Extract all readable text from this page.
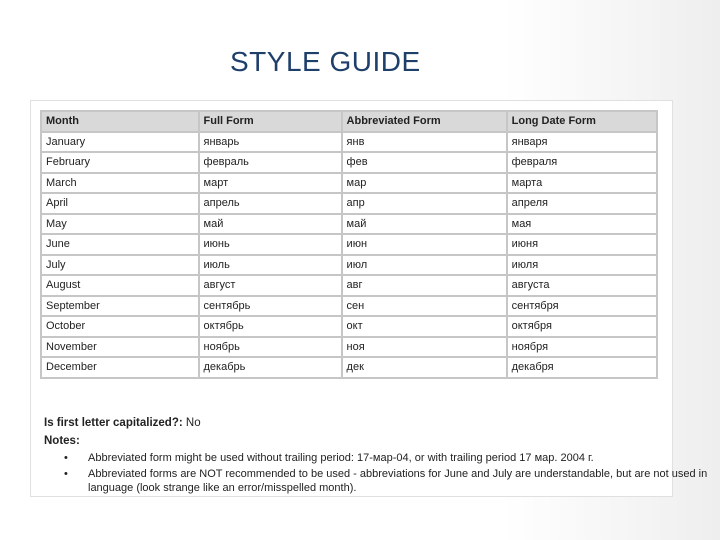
STYLE GUIDE
Month	Full Form	Abbreviated Form	Long Date Form
January	январь	янв	января
February	февраль	фев	февраля
March	март	мар	марта
April	апрель	апр	апреля
May	май	май	мая
June	июнь	июн	июня
July	июль	июл	июля
August	август	авг	августа
September	сентябрь	сен	сентября
October	октябрь	окт	октября
November	ноябрь	ноя	ноября
December	декабрь	дек	декабря
Is first letter capitalized?: No
Notes:
• Abbreviated form might be used without trailing period: 17-мар-04, or with trailing period 17 мар. 2004 г.
• Abbreviated forms are NOT recommended to be used - abbreviations for June and July are understandable, but are not used in language (look strange like an error/misspelled month).
